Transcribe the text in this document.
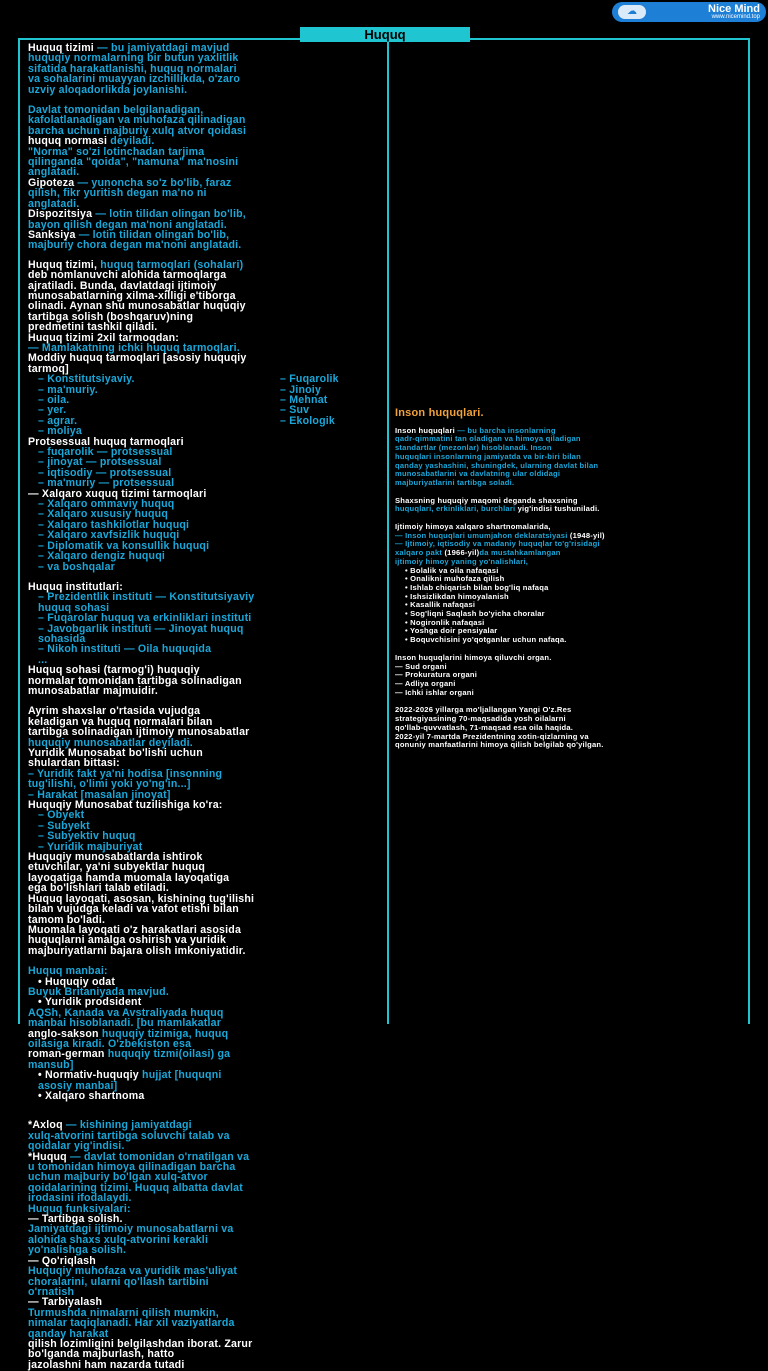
☁	Nice Mind
www.nicemind.top
Huquq
Huquq tizimi — bu jamiyatdagi mavjud
huquqiy normalarning bir butun yaxlitlik
sifatida harakatlanishi, huquq normalari
va sohalarini muayyan izchillikda, o'zaro
uzviy aloqadorlikda joylanishi.

Davlat tomonidan belgilanadigan,
kafolatlanadigan va muhofaza qilinadigan
barcha uchun majburiy xulq atvor qoidasi
huquq normasi deyiladi.
"Norma" so'zi lotinchadan tarjima
qilinganda "qoida", "namuna" ma'nosini
anglatadi.

Gipoteza — yunoncha so'z bo'lib, faraz
qilish, fikr yuritish degan ma'no ni
anglatadi.

Dispozitsiya — lotin tilidan olingan bo'lib,
bayon qilish degan ma'noni anglatadi.
Sanksiya — lotin tilidan olingan bo'lib,
majburiy chora degan ma'noni anglatadi.
Huquq tizimi, huquq tarmoqlari (sohalari)
deb nomlanuvchi alohida tarmoqlarga
ajratiladi. Bunda, davlatdagi ijtimoiy
munosabatlarning xilma-xilligi e'tiborga
olinadi. Aynan shu munosabatlar huquqiy
tartibga solish (boshqaruv)ning
predmetini tashkil qiladi.
Huquq tizimi 2xil tarmoqdan:
— Mamlakatning ichki huquq tarmoqlari.
Moddiy huquq tarmoqlari [asosiy huquqiy
tarmoq]

– Konstitutsiyaviy.	– Fuqarolik
– ma'muriy.	– Jinoiy
– oila.	– Mehnat
– yer.	– Suv
– agrar.	– Ekologik
– moliya
Protsessual huquq tarmoqlari
– fuqarolik — protsessual
– jinoyat — protsessual
– iqtisodiy — protsessual
– ma'muriy — protsessual
— Xalqaro xuquq tizimi tarmoqlari
– Xalqaro ommaviy huquq
– Xalqaro xususiy huquq
– Xalqaro tashkilotlar huquqi
– Xalqaro xavfsizlik huquqi
– Diplomatik va konsullik huquqi
– Xalqaro dengiz huquqi
– va boshqalar
Huquq institutlari:
– Prezidentlik instituti — Konstitutsiyaviy
huquq sohasi
– Fuqarolar huquq va erkinliklari instituti
– Javobgarlik instituti — Jinoyat huquq
sohasida
– Nikoh instituti — Oila huquqida
...
Huquq sohasi (tarmog'i) huquqiy
normalar tomonidan tartibga solinadigan
munosabatlar majmuidir.

Ayrim shaxslar o'rtasida vujudga
keladigan va huquq normalari bilan
tartibga solinadigan ijtimoiy munosabatlar
huquqiy munosabatlar deyiladi.
Yuridik Munosabat bo'lishi uchun
shulardan bittasi:

– Yuridik fakt ya'ni hodisa [insonning
tug'ilishi, o'limi yoki yo'ng'in...]
– Harakat [masalan jinoyat]
Huquqiy Munosabat tuzilishiga ko'ra:
– Obyekt
– Subyekt
– Subyektiv huquq
– Yuridik majburiyat
Huquqiy munosabatlarda ishtirok
etuvchilar, ya'ni subyektlar huquq
layoqatiga hamda muomala layoqatiga
ega bo'lishlari talab etiladi.
Huquq layoqati, asosan, kishining tug'ilishi
bilan vujudga keladi va vafot etishi bilan
tamom bo'ladi.
Muomala layoqati o'z harakatlari asosida
huquqlarni amalga oshirish va yuridik
majburiyatlarni bajara olish imkoniyatidir.

Huquq manbai:
• Huquqiy odat
Buyuk Britaniyada mavjud.
• Yuridik prodsident
AQSh, Kanada va Avstraliyada huquq
manbai hisoblanadi. [bu mamlakatlar
anglo-sakson huquqiy tizimiga, huquq
oilasiga kiradi. O'zbekiston esa
roman-german huquqiy tizmi(oilasi) ga
mansub]
• Normativ-huquqiy hujjat [huquqni
asosiy manbai]
• Xalqaro shartnoma
*Axloq — kishining jamiyatdagi
xulq-atvorini tartibga soluvchi talab va
qoidalar yig'indisi.

*Huquq — davlat tomonidan o'rnatilgan va
u tomonidan himoya qilinadigan barcha
uchun majburiy bo'lgan xulq-atvor
qoidalarining tizimi. Huquq albatta davlat
irodasini ifodalaydi.

Huquq funksiyalari:
— Tartibga solish.
Jamiyatdagi ijtimoiy munosabatlarni va
alohida shaxs xulq-atvorini kerakli
yo'nalishga solish.

— Qo'riqlash
Huquqiy muhofaza va yuridik mas'uliyat
choralarini, ularni qo'llash tartibini
o'rnatish

— Tarbiyalash
Turmushda nimalarni qilish mumkin,
nimalar taqiqlanadi. Har xil vaziyatlarda
qanday harakat

qilish lozimligini belgilashdan iborat. Zarur
bo'lganda majburlash, hatto
jazolashni ham nazarda tutadi

Inson huquqlari.
Inson huquqlari — bu barcha insonlarning
qadr-qimmatini tan oladigan va himoya qiladigan
standartlar (mezonlar) hisoblanadi. Inson
huquqlari insonlarning jamiyatda va bir-biri bilan
qanday yashashini, shuningdek, ularning davlat bilan
munosabatlarini va davlatning ular oldidagi
majburiyatlarini tartibga soladi.

Shaxsning huquqiy maqomi deganda shaxsning
huquqlari, erkinliklari, burchlari yig'indisi tushuniladi.
Ijtimoiy himoya xalqaro shartnomalarida,
— Inson huquqlari umumjahon deklaratsiyasi (1948-yil)
— Ijtimoiy, iqtisodiy va madaniy huquqlar to'g'risidagi
xalqaro pakt (1966-yil)da mustahkamlangan
ijtimoiy himoy yaning yo'nalishlari,
• Bolalik va oila nafaqasi
• Onalikni muhofaza qilish
• Ishlab chiqarish bilan bog'liq nafaqa
• Ishsizlikdan himoyalanish
• Kasallik nafaqasi
• Sog'liqni Saqlash bo'yicha choralar
• Nogironlik nafaqasi
• Yoshga doir pensiyalar
• Boquvchisini yo'qotganlar uchun nafaqa.
Inson huquqlarini himoya qiluvchi organ.
— Sud organi
— Prokuratura organi
— Adliya organi
— Ichki ishlar organi
2022-2026 yillarga mo'ljallangan Yangi O'z.Res
strategiyasining 70-maqsadida yosh oilalarni
qo'llab-quvvatlash, 71-maqsad esa oila haqida.
2022-yil 7-martda Prezidentning xotin-qizlarning va
qonuniy manfaatlarini himoya qilish belgilab qo'yilgan.
